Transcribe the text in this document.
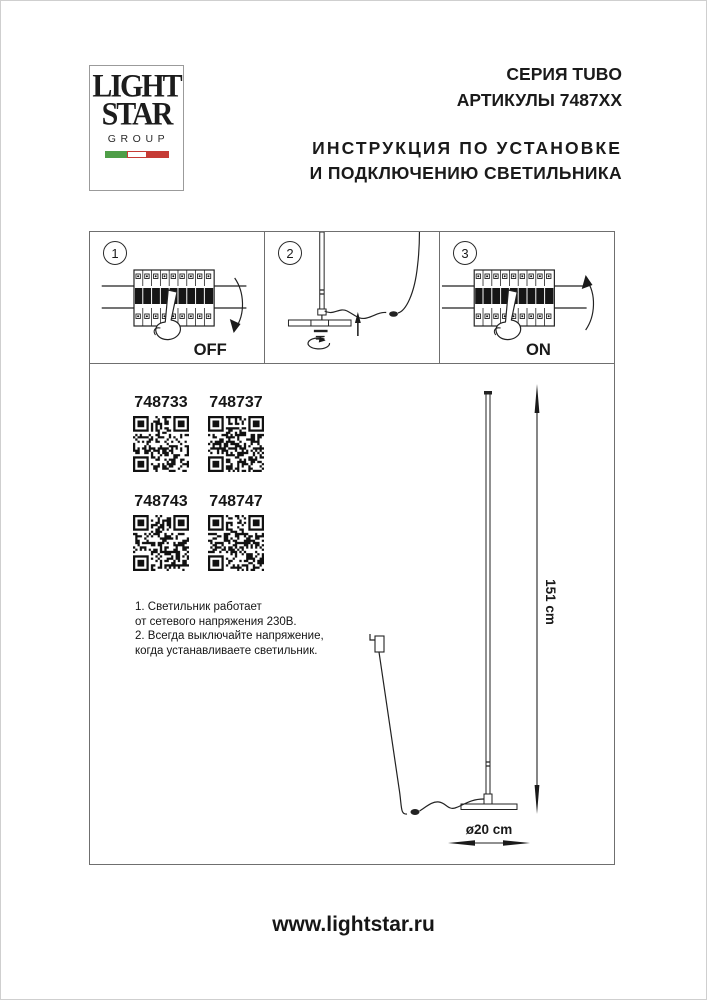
LIGHT
STAR
GROUP
СЕРИЯ TUBO
АРТИКУЛЫ 7487XX
ИНСТРУКЦИЯ ПО УСТАНОВКЕ
И ПОДКЛЮЧЕНИЮ СВЕТИЛЬНИКА
1
OFF
2	3
ON
748733 748737
748743 748747
1. Светильник работает
от сетевого напряжения 230В.
2. Всегда выключайте напряжение,
когда устанавливаете светильник.
151 cm
ø20 cm
www.lightstar.ru
